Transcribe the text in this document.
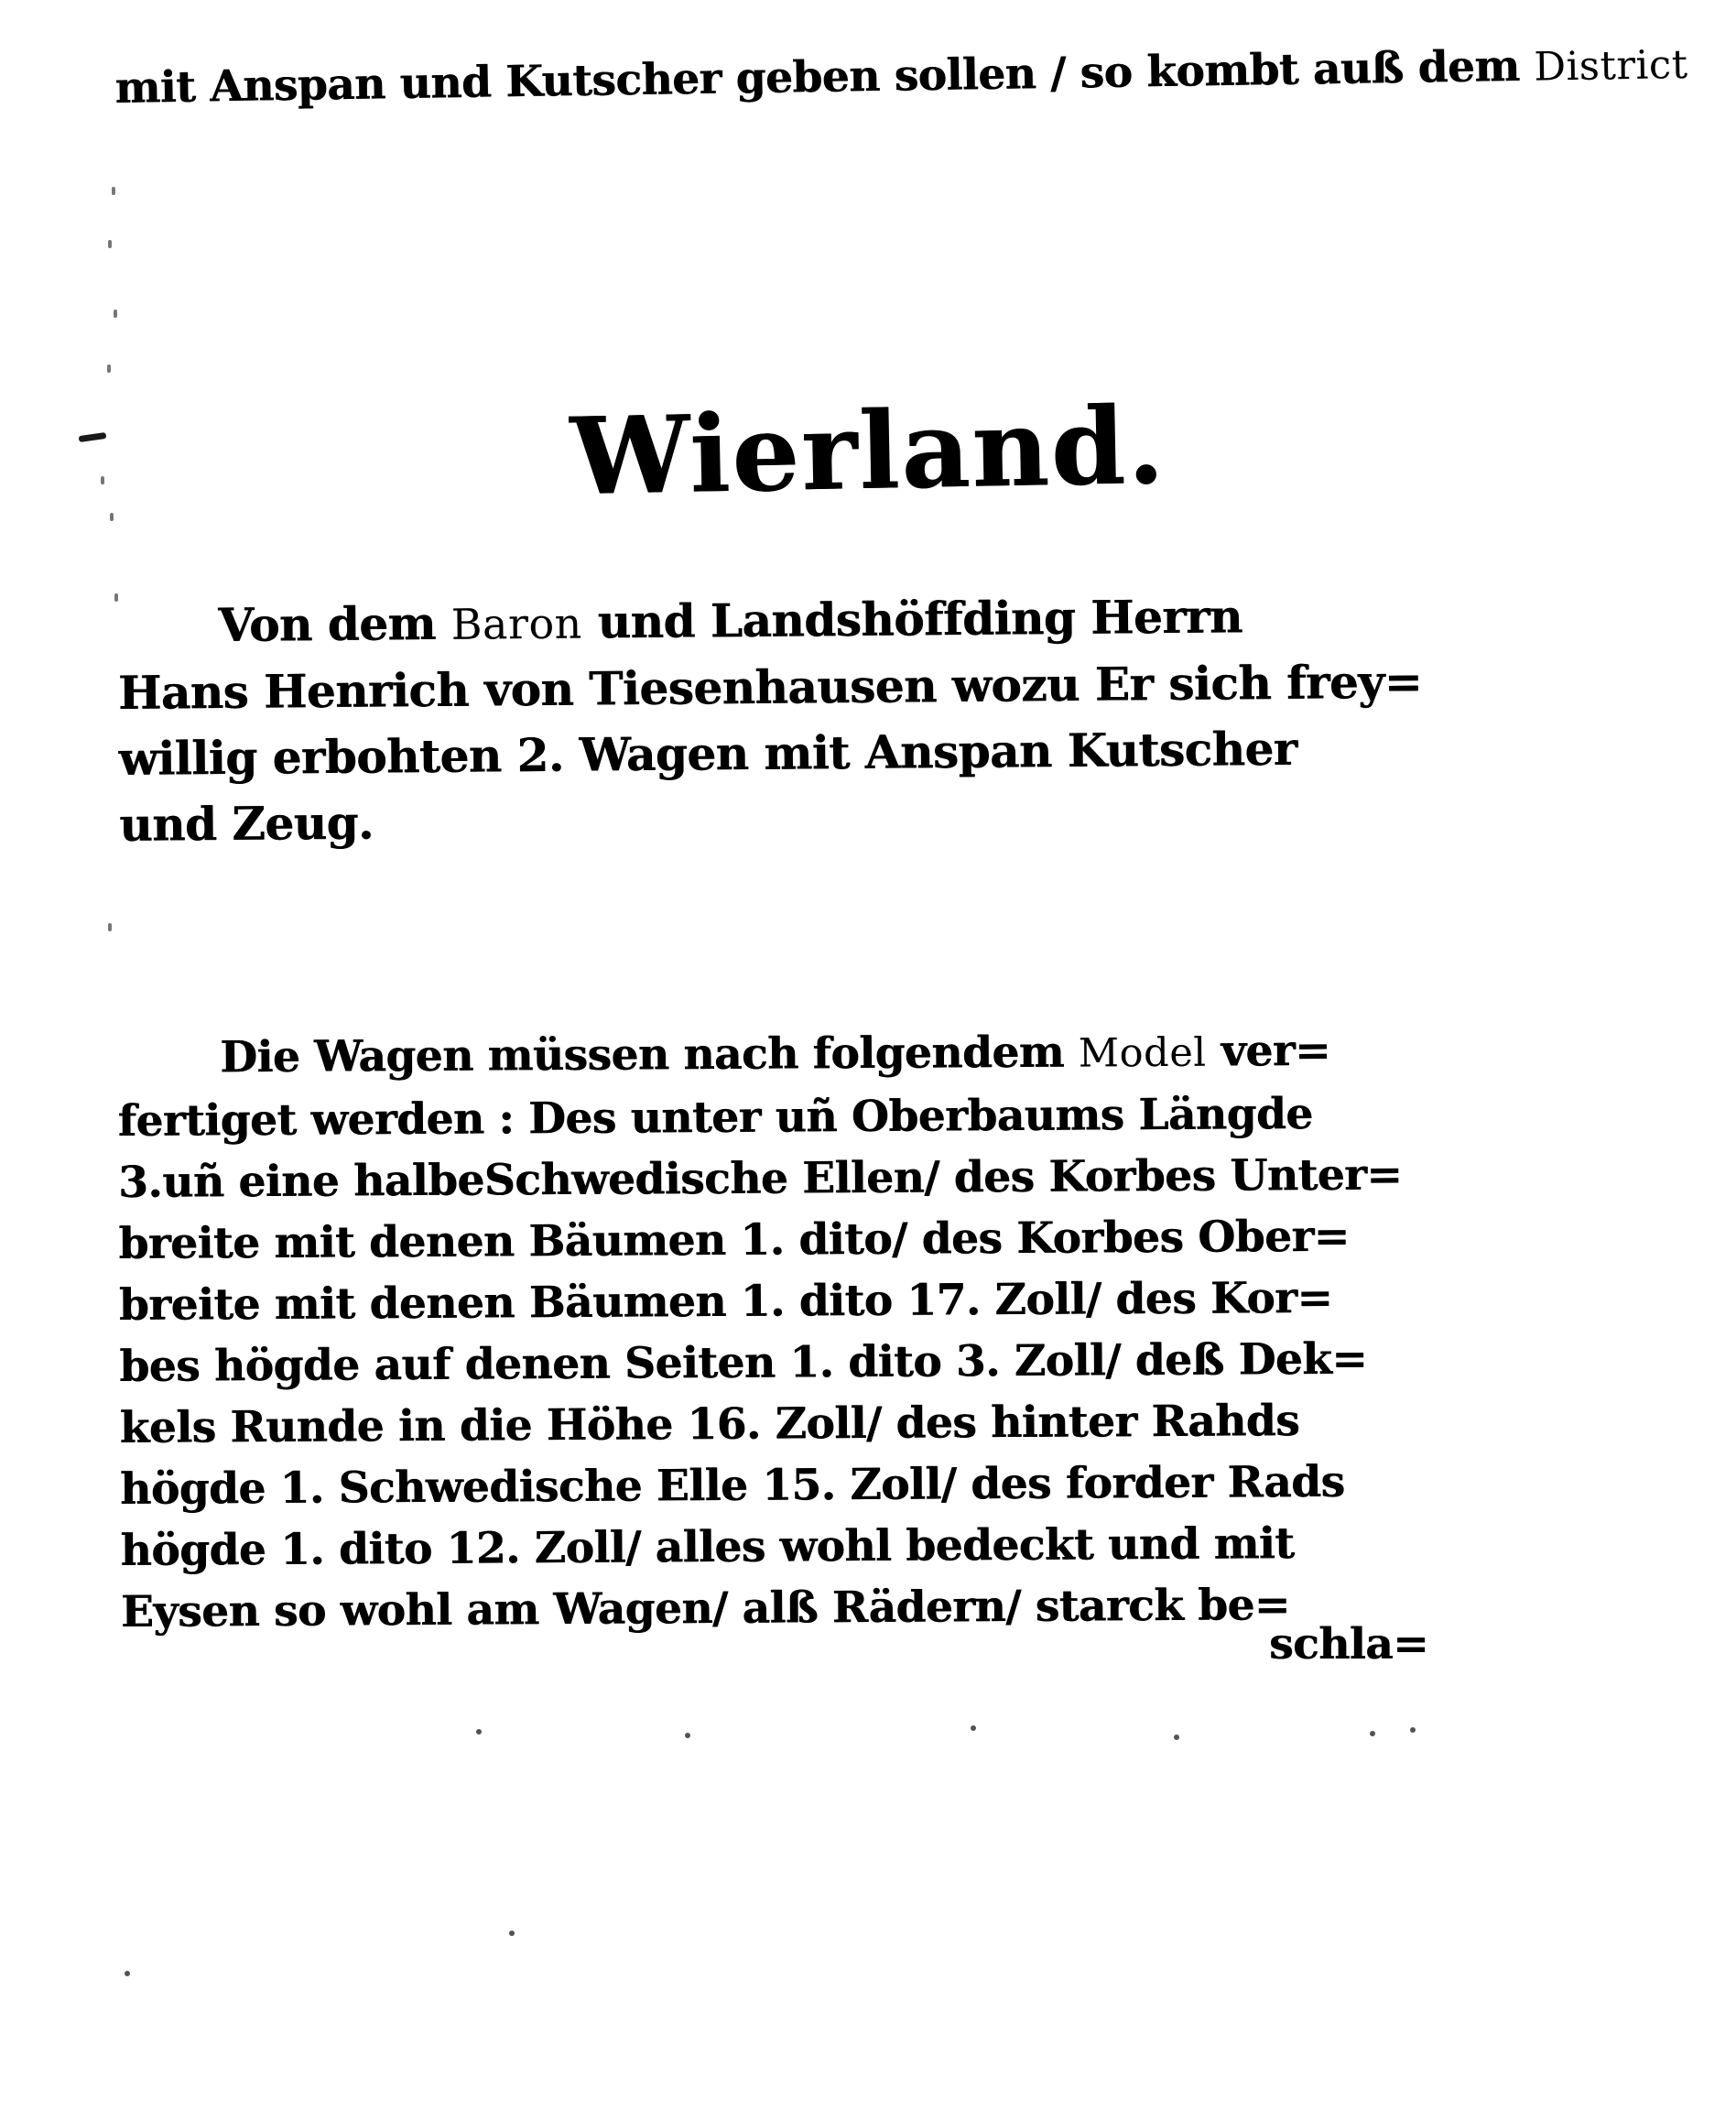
mit Anspan und Kutscher geben sollen / so kombt auß dem District
Wierland.
Von dem Baron und Landshöffding Herrn
Hans Henrich von Tiesenhausen wozu Er sich frey=
willig erbohten 2. Wagen mit Anspan Kutscher
und Zeug.
Die Wagen müssen nach folgendem Model ver=
fertiget werden : Des unter uñ Oberbaums Längde
3.uñ eine halbeSchwedische Ellen/ des Korbes Unter=
breite mit denen Bäumen 1. dito/ des Korbes Ober=
breite mit denen Bäumen 1. dito 17. Zoll/ des Kor=
bes högde auf denen Seiten 1. dito 3. Zoll/ deß Dek=
kels Runde in die Höhe 16. Zoll/ des hinter Rahds
högde 1. Schwedische Elle 15. Zoll/ des forder Rads
högde 1. dito 12. Zoll/ alles wohl bedeckt und mit
Eysen so wohl am Wagen/ alß Rädern/ starck be=
schla=
